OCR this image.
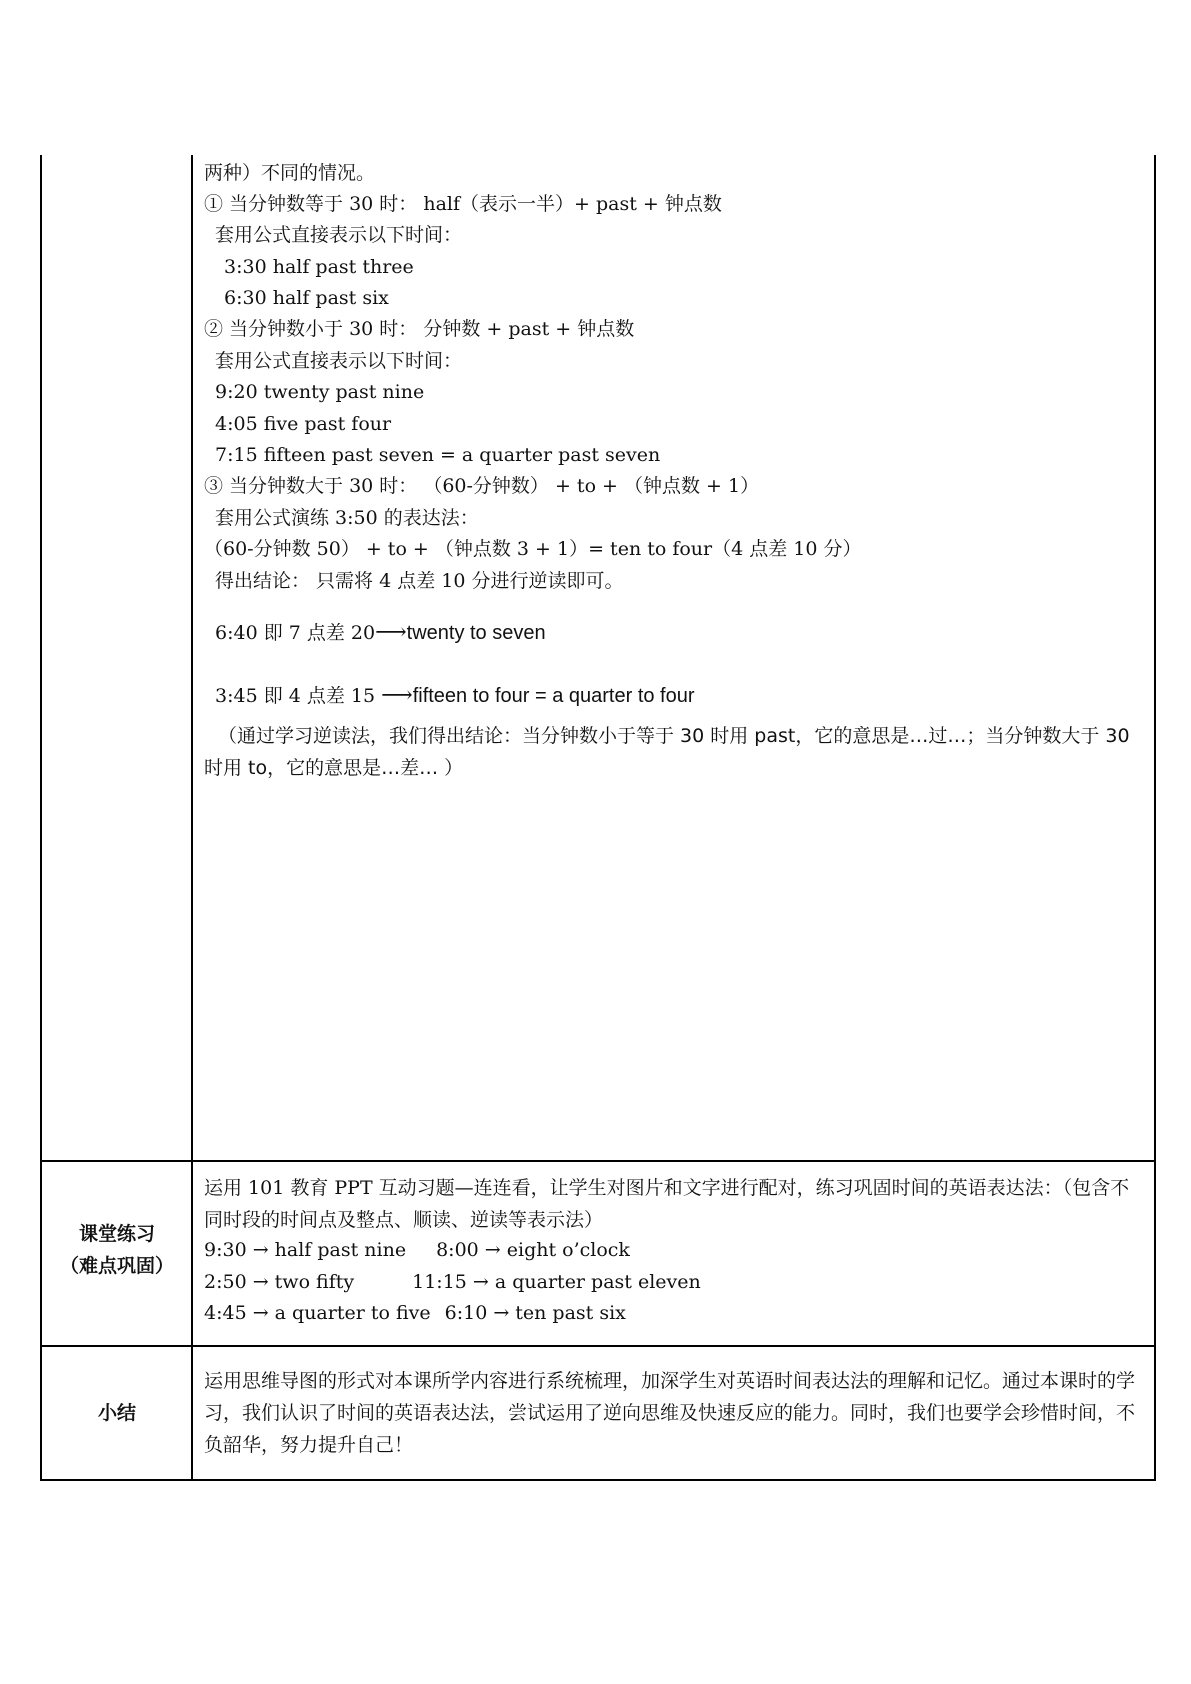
两种）不同的情况。
① 当分钟数等于 30 时： half（表示一半）+ past + 钟点数
套用公式直接表示以下时间：
3:30 half past three
6:30 half past six
② 当分钟数小于 30 时： 分钟数 + past + 钟点数
套用公式直接表示以下时间：
9:20 twenty past nine
4:05 five past four
7:15 fifteen past seven = a quarter past seven
③ 当分钟数大于 30 时： （60-分钟数） + to + （钟点数 + 1）
套用公式演练 3:50 的表达法：
（60-分钟数 50） + to + （钟点数 3 + 1）= ten to four（4 点差 10 分）
得出结论： 只需将 4 点差 10 分进行逆读即可。
6:40 即 7 点差 20⟶twenty to seven
3:45 即 4 点差 15 ⟶fifteen to four = a quarter to four
（通过学习逆读法，我们得出结论：当分钟数小于等于 30 时用 past，它的意思是…过…；当分钟数大于 30 时用 to，它的意思是…差… ）
课堂练习
（难点巩固）
运用 101 教育 PPT 互动习题—连连看，让学生对图片和文字进行配对，练习巩固时间的英语表达法：（包含不同时段的时间点及整点、顺读、逆读等表示法）
9:30 → half past nine 8:00 → eight o’clock
2:50 → two fifty	11:15 → a quarter past eleven
4:45 → a quarter to five 6:10 → ten past six
小结
运用思维导图的形式对本课所学内容进行系统梳理，加深学生对英语时间表达法的理解和记忆。通过本课时的学习，我们认识了时间的英语表达法，尝试运用了逆向思维及快速反应的能力。同时，我们也要学会珍惜时间，不负韶华，努力提升自己！
